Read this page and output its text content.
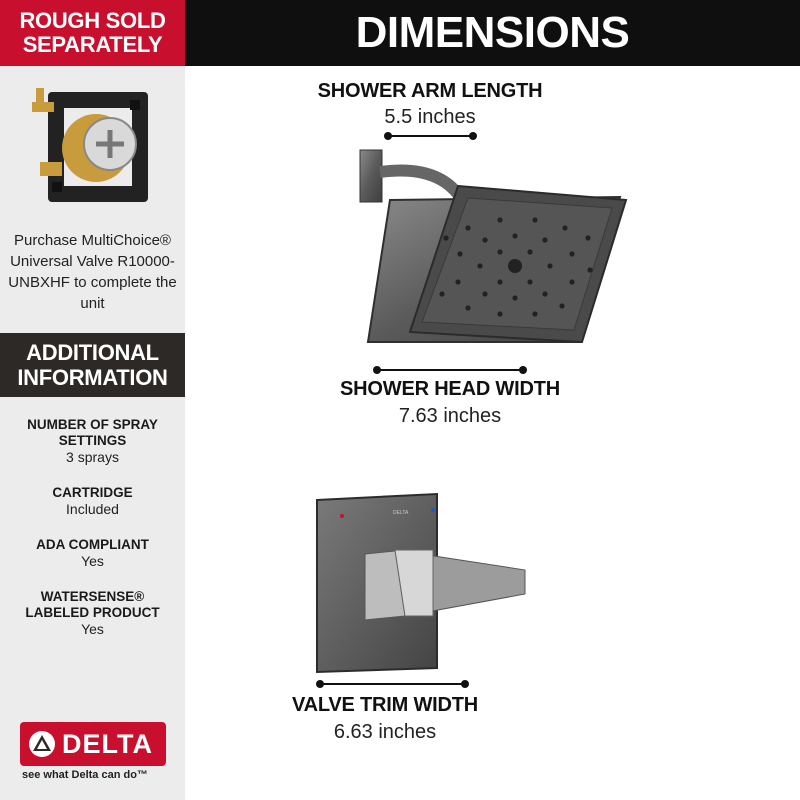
ROUGH SOLD SEPARATELY
Purchase MultiChoice® Universal Valve R10000-UNBXHF to complete the unit
ADDITIONAL INFORMATION
NUMBER OF SPRAY SETTINGS
3 sprays
CARTRIDGE
Included
ADA COMPLIANT
Yes
WATERSENSE® LABELED PRODUCT
Yes
DELTA
see what Delta can do™
DIMENSIONS
SHOWER ARM LENGTH
5.5 inches
SHOWER HEAD WIDTH
7.63 inches
DELTA
VALVE TRIM WIDTH
6.63 inches
